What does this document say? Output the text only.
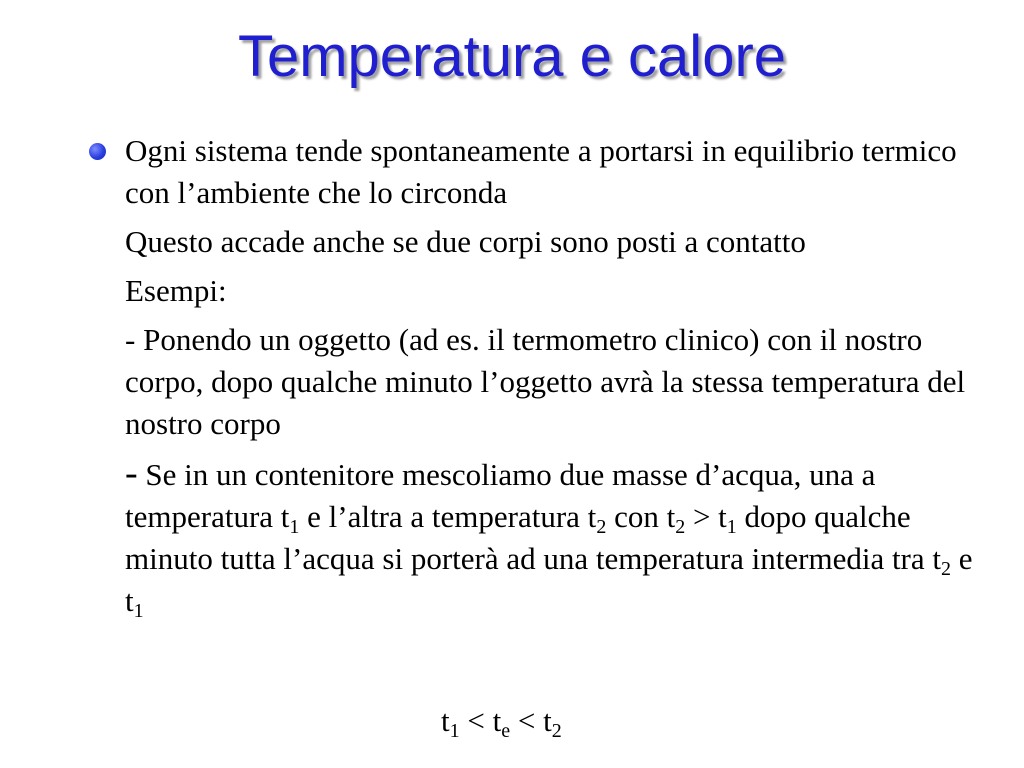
Temperatura e calore

Ogni sistema tende spontaneamente a portarsi in equilibrio termico con l’ambiente che lo circonda

Questo accade anche se due corpi sono posti a contatto

Esempi:

- Ponendo un oggetto (ad es. il termometro clinico) con il nostro corpo, dopo qualche minuto l’oggetto avrà la stessa temperatura del nostro corpo

- Se in un contenitore mescoliamo due masse d’acqua, una a temperatura $t_1$ e l’altra a temperatura $t_2$ con $t_2 > t_1$ dopo qualche minuto tutta l’acqua si porterà ad una temperatura intermedia tra $t_2$ e $t_1$

$t_1 < t_e < t_2$
